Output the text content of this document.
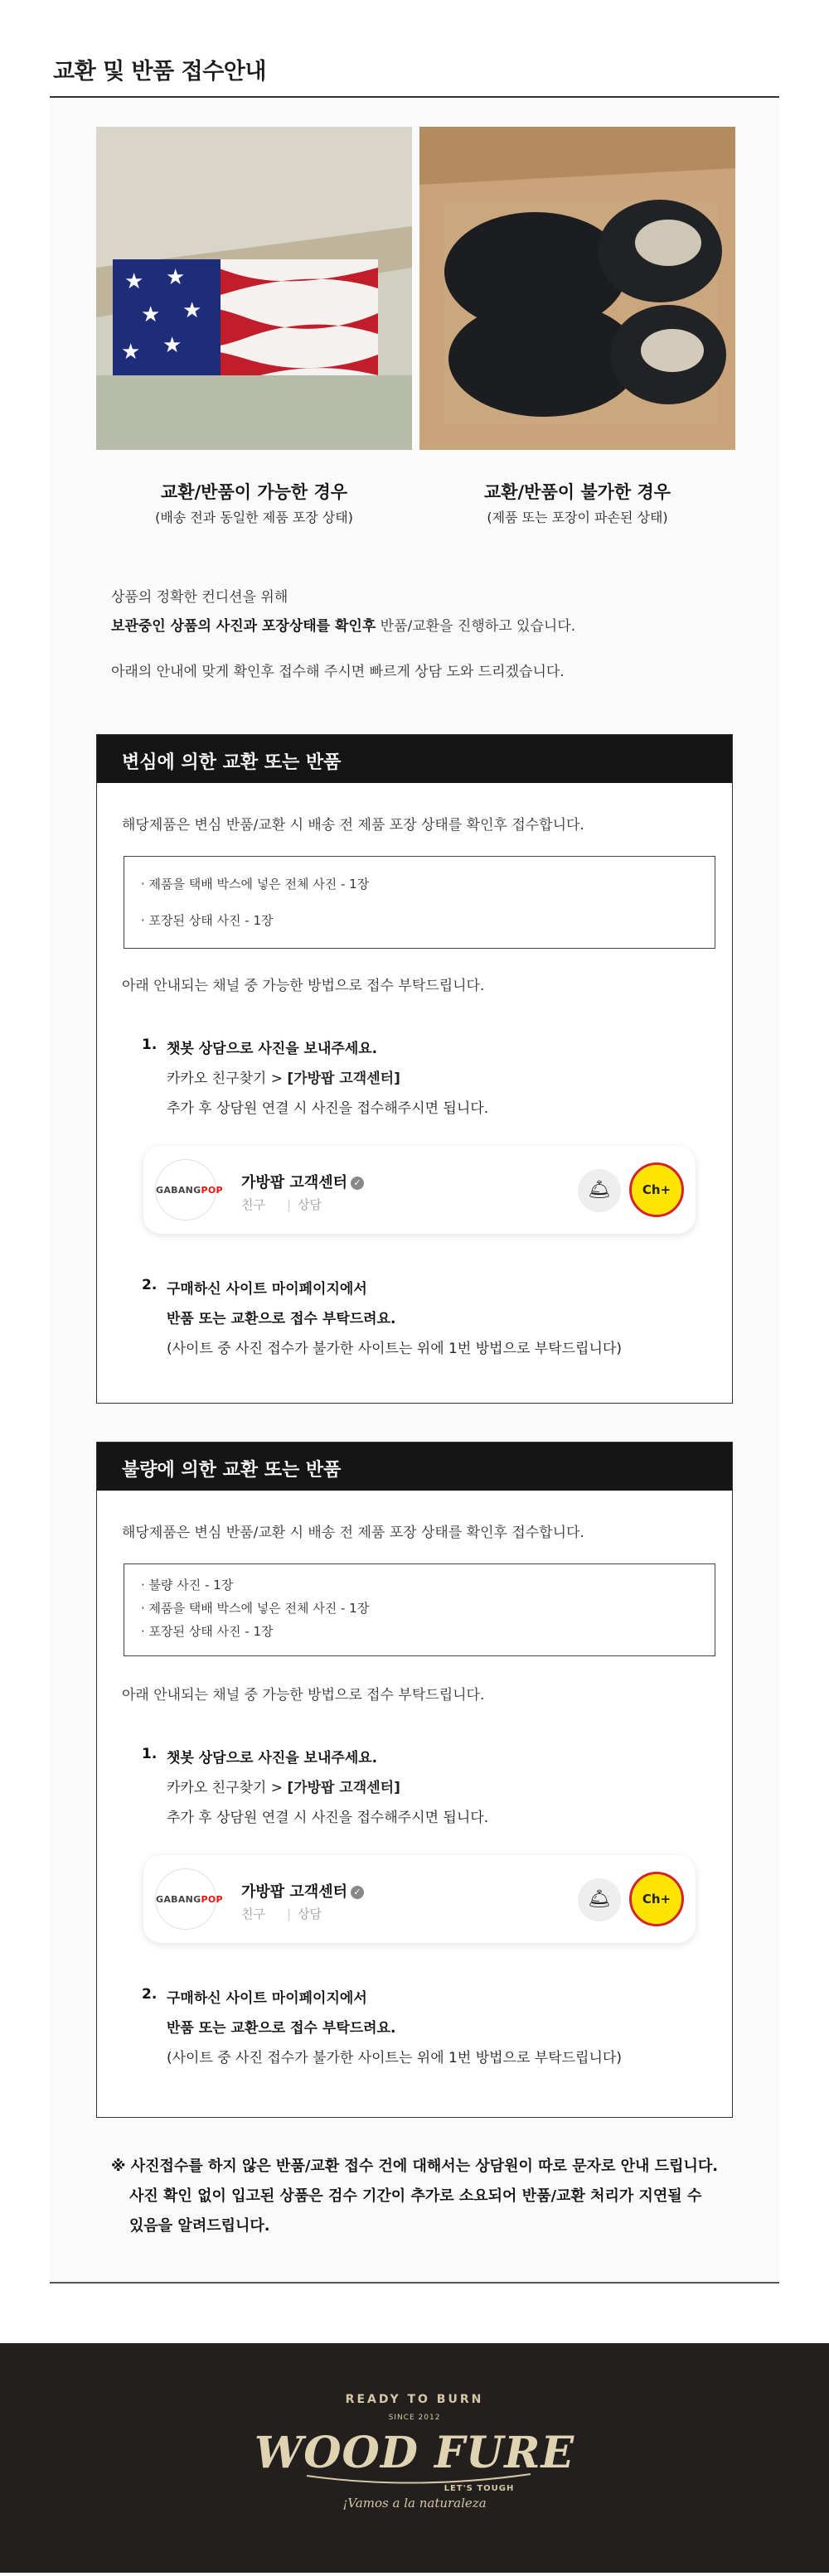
교환 및 반품 접수안내
★ ★
★ ★
★ ★
교환/반품이 가능한 경우
(배송 전과 동일한 제품 포장 상태)
교환/반품이 불가한 경우
(제품 또는 포장이 파손된 상태)
상품의 정확한 컨디션을 위해
보관중인 상품의 사진과 포장상태를 확인후 반품/교환을 진행하고 있습니다.
아래의 안내에 맞게 확인후 접수해 주시면 빠르게 상담 도와 드리겠습니다.
변심에 의한 교환 또는 반품
해당제품은 변심 반품/교환 시 배송 전 제품 포장 상태를 확인후 접수합니다.
· 제품을 택배 박스에 넣은 전체 사진 - 1장
· 포장된 상태 사진 - 1장
아래 안내되는 채널 중 가능한 방법으로 접수 부탁드립니다.
1. 챗봇 상담으로 사진을 보내주세요.
카카오 친구찾기 > [가방팝 고객센터]
추가 후 상담원 연결 시 사진을 접수해주시면 됩니다.
GABANGPOP 가방팝 고객센터 ✓
친구 | 상담
🛎	Ch+
2. 구매하신 사이트 마이페이지에서
반품 또는 교환으로 접수 부탁드려요.
(사이트 중 사진 접수가 불가한 사이트는 위에 1번 방법으로 부탁드립니다)
불량에 의한 교환 또는 반품
해당제품은 변심 반품/교환 시 배송 전 제품 포장 상태를 확인후 접수합니다.
· 불량 사진 - 1장
· 제품을 택배 박스에 넣은 전체 사진 - 1장
· 포장된 상태 사진 - 1장
아래 안내되는 채널 중 가능한 방법으로 접수 부탁드립니다.
1. 챗봇 상담으로 사진을 보내주세요.
카카오 친구찾기 > [가방팝 고객센터]
추가 후 상담원 연결 시 사진을 접수해주시면 됩니다.
GABANGPOP 가방팝 고객센터 ✓
친구 | 상담
🛎	Ch+
2. 구매하신 사이트 마이페이지에서
반품 또는 교환으로 접수 부탁드려요.
(사이트 중 사진 접수가 불가한 사이트는 위에 1번 방법으로 부탁드립니다)
※ 사진접수를 하지 않은 반품/교환 접수 건에 대해서는 상담원이 따로 문자로 안내 드립니다.
사진 확인 없이 입고된 상품은 검수 기간이 추가로 소요되어 반품/교환 처리가 지연될 수
있음을 알려드립니다.
READY TO BURN
SINCE 2012
WOOD FURE
LET'S TOUGH
¡Vamos a la naturaleza
